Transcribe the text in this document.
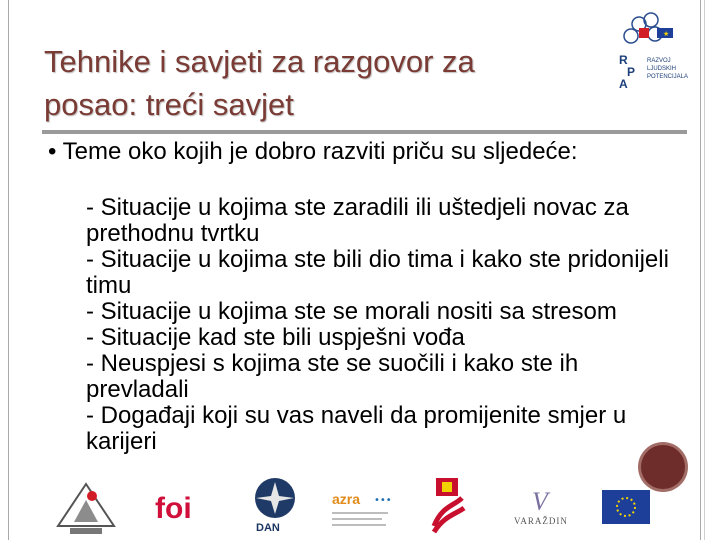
★
R
P
A
RAZVOJ
LJUDSKIH
POTENCIJALA
Tehnike i savjeti za razgovor za
posao: treći savjet
• Teme oko kojih je dobro razviti priču su sljedeće:
- Situacije u kojima ste zaradili ili uštedjeli novac za prethodnu tvrtku
- Situacije u kojima ste bili dio tima i kako ste pridonijeli timu
- Situacije u kojima ste se morali nositi sa stresom
- Situacije kad ste bili uspješni vođa
- Neuspjesi s kojima ste se suočili i kako ste ih prevladali
- Događaji koji su vas naveli da promijenite smjer u karijeri
foi
DAN
azra •••	V
VARAŽDIN
